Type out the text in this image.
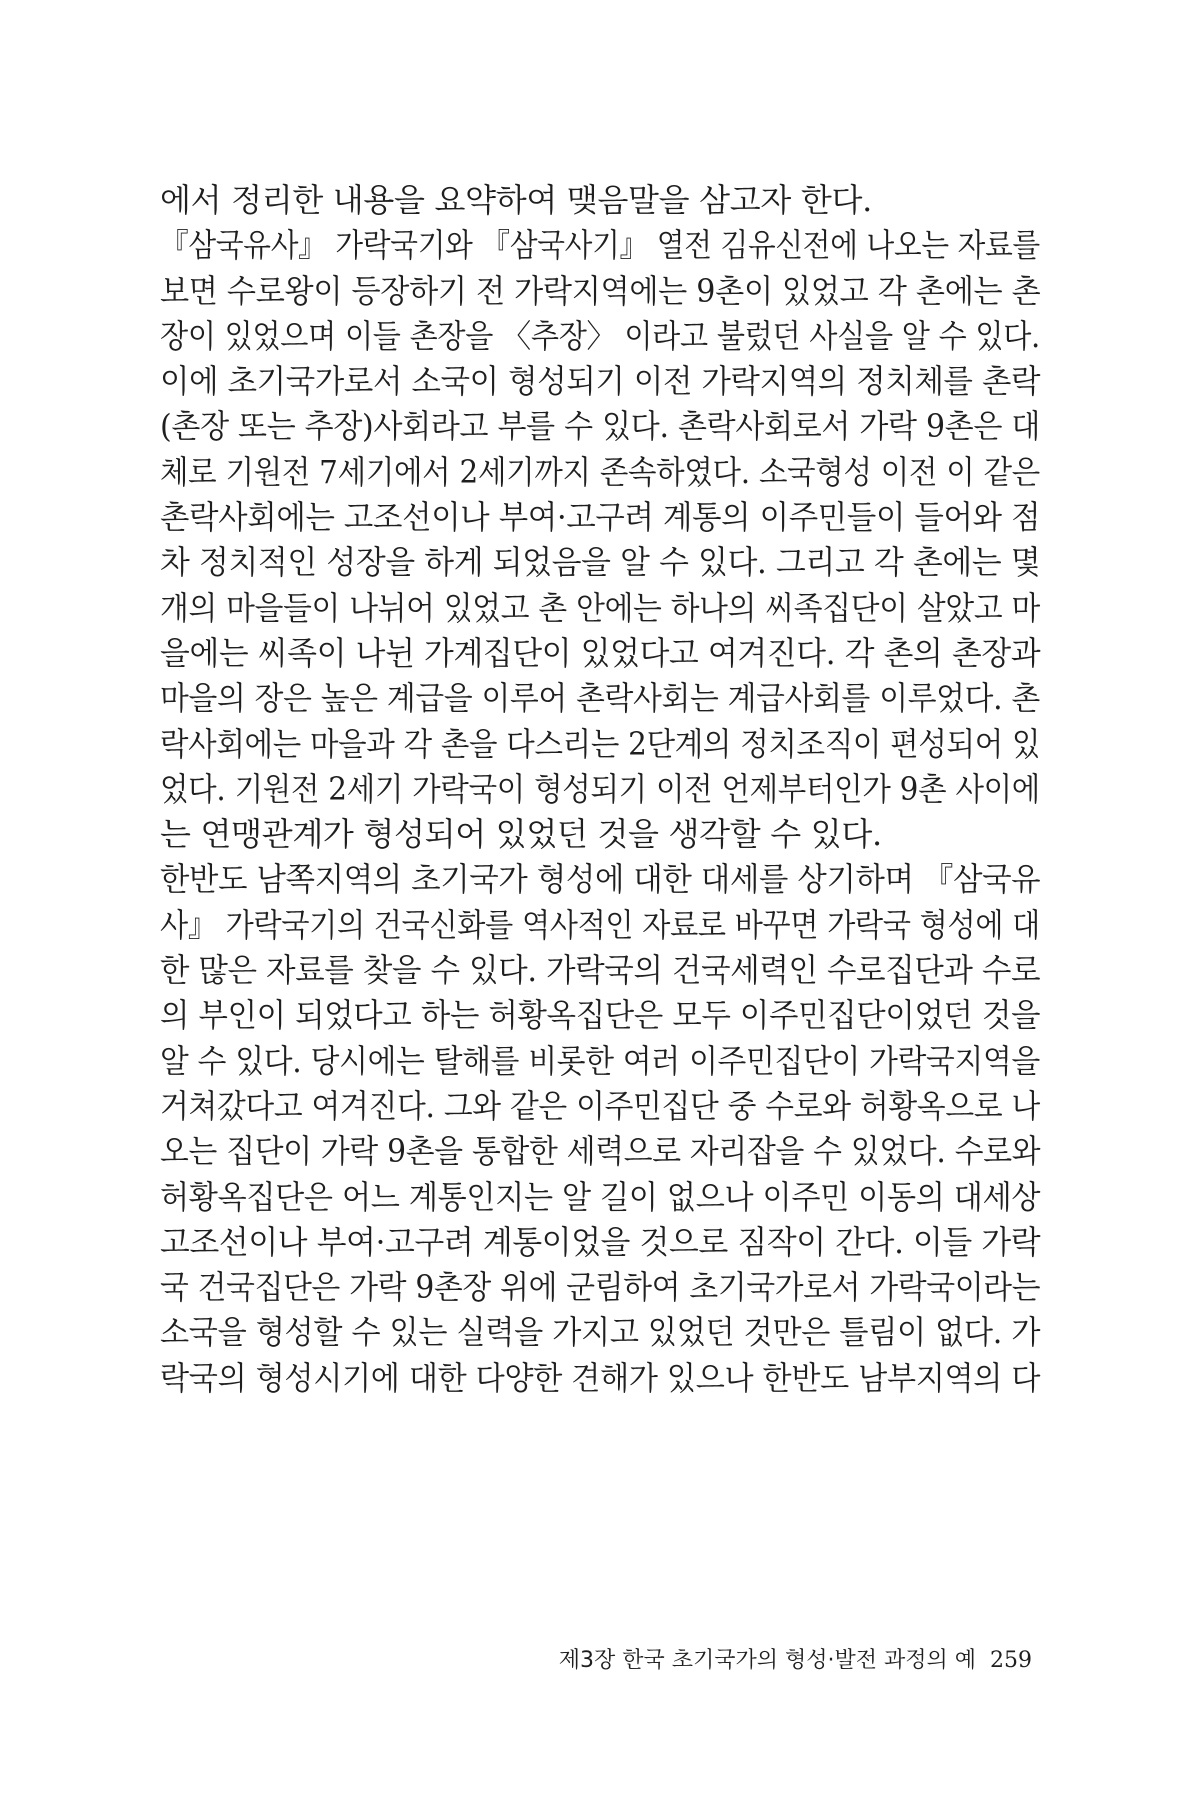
에서 정리한 내용을 요약하여 맺음말을 삼고자 한다.
『삼국유사』 가락국기와 『삼국사기』 열전 김유신전에 나오는 자료를
보면 수로왕이 등장하기 전 가락지역에는 9촌이 있었고 각 촌에는 촌
장이 있었으며 이들 촌장을 〈추장〉 이라고 불렀던 사실을 알 수 있다.
이에 초기국가로서 소국이 형성되기 이전 가락지역의 정치체를 촌락
(촌장 또는 추장)사회라고 부를 수 있다. 촌락사회로서 가락 9촌은 대
체로 기원전 7세기에서 2세기까지 존속하였다. 소국형성 이전 이 같은
촌락사회에는 고조선이나 부여·고구려 계통의 이주민들이 들어와 점
차 정치적인 성장을 하게 되었음을 알 수 있다. 그리고 각 촌에는 몇
개의 마을들이 나뉘어 있었고 촌 안에는 하나의 씨족집단이 살았고 마
을에는 씨족이 나뉜 가계집단이 있었다고 여겨진다. 각 촌의 촌장과
마을의 장은 높은 계급을 이루어 촌락사회는 계급사회를 이루었다. 촌
락사회에는 마을과 각 촌을 다스리는 2단계의 정치조직이 편성되어 있
었다. 기원전 2세기 가락국이 형성되기 이전 언제부터인가 9촌 사이에
는 연맹관계가 형성되어 있었던 것을 생각할 수 있다.
한반도 남쪽지역의 초기국가 형성에 대한 대세를 상기하며 『삼국유
사』 가락국기의 건국신화를 역사적인 자료로 바꾸면 가락국 형성에 대
한 많은 자료를 찾을 수 있다. 가락국의 건국세력인 수로집단과 수로
의 부인이 되었다고 하는 허황옥집단은 모두 이주민집단이었던 것을
알 수 있다. 당시에는 탈해를 비롯한 여러 이주민집단이 가락국지역을
거쳐갔다고 여겨진다. 그와 같은 이주민집단 중 수로와 허황옥으로 나
오는 집단이 가락 9촌을 통합한 세력으로 자리잡을 수 있었다. 수로와
허황옥집단은 어느 계통인지는 알 길이 없으나 이주민 이동의 대세상
고조선이나 부여·고구려 계통이었을 것으로 짐작이 간다. 이들 가락
국 건국집단은 가락 9촌장 위에 군림하여 초기국가로서 가락국이라는
소국을 형성할 수 있는 실력을 가지고 있었던 것만은 틀림이 없다. 가
락국의 형성시기에 대한 다양한 견해가 있으나 한반도 남부지역의 다
제3장 한국 초기국가의 형성·발전 과정의 예 259
